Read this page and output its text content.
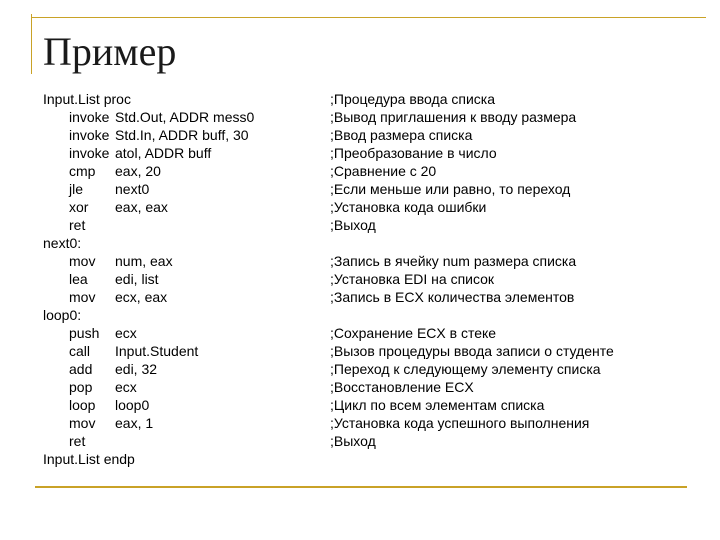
Пример
Input.List proc	;Процедура ввода списка
invoke Std.Out, ADDR mess0	;Вывод приглашения к вводу размера
invoke Std.In, ADDR buff, 30	;Ввод размера списка
invoke atol, ADDR buff	;Преобразование в число
cmp eax, 20	;Сравнение с 20
jle next0	;Если меньше или равно, то переход
xor eax, eax	;Установка кода ошибки
ret	;Выход
next0:
mov num, eax	;Запись в ячейку num размера списка
lea edi, list	;Установка EDI на список
mov ecx, eax	;Запись в ECX количества элементов
loop0:
push ecx	;Сохранение ECX в стеке
call Input.Student	;Вызов процедуры ввода записи о студенте
add edi, 32	;Переход к следующему элементу списка
pop ecx	;Восстановление ECX
loop loop0	;Цикл по всем элементам списка
mov eax, 1	;Установка кода успешного выполнения
ret	;Выход
Input.List endp
